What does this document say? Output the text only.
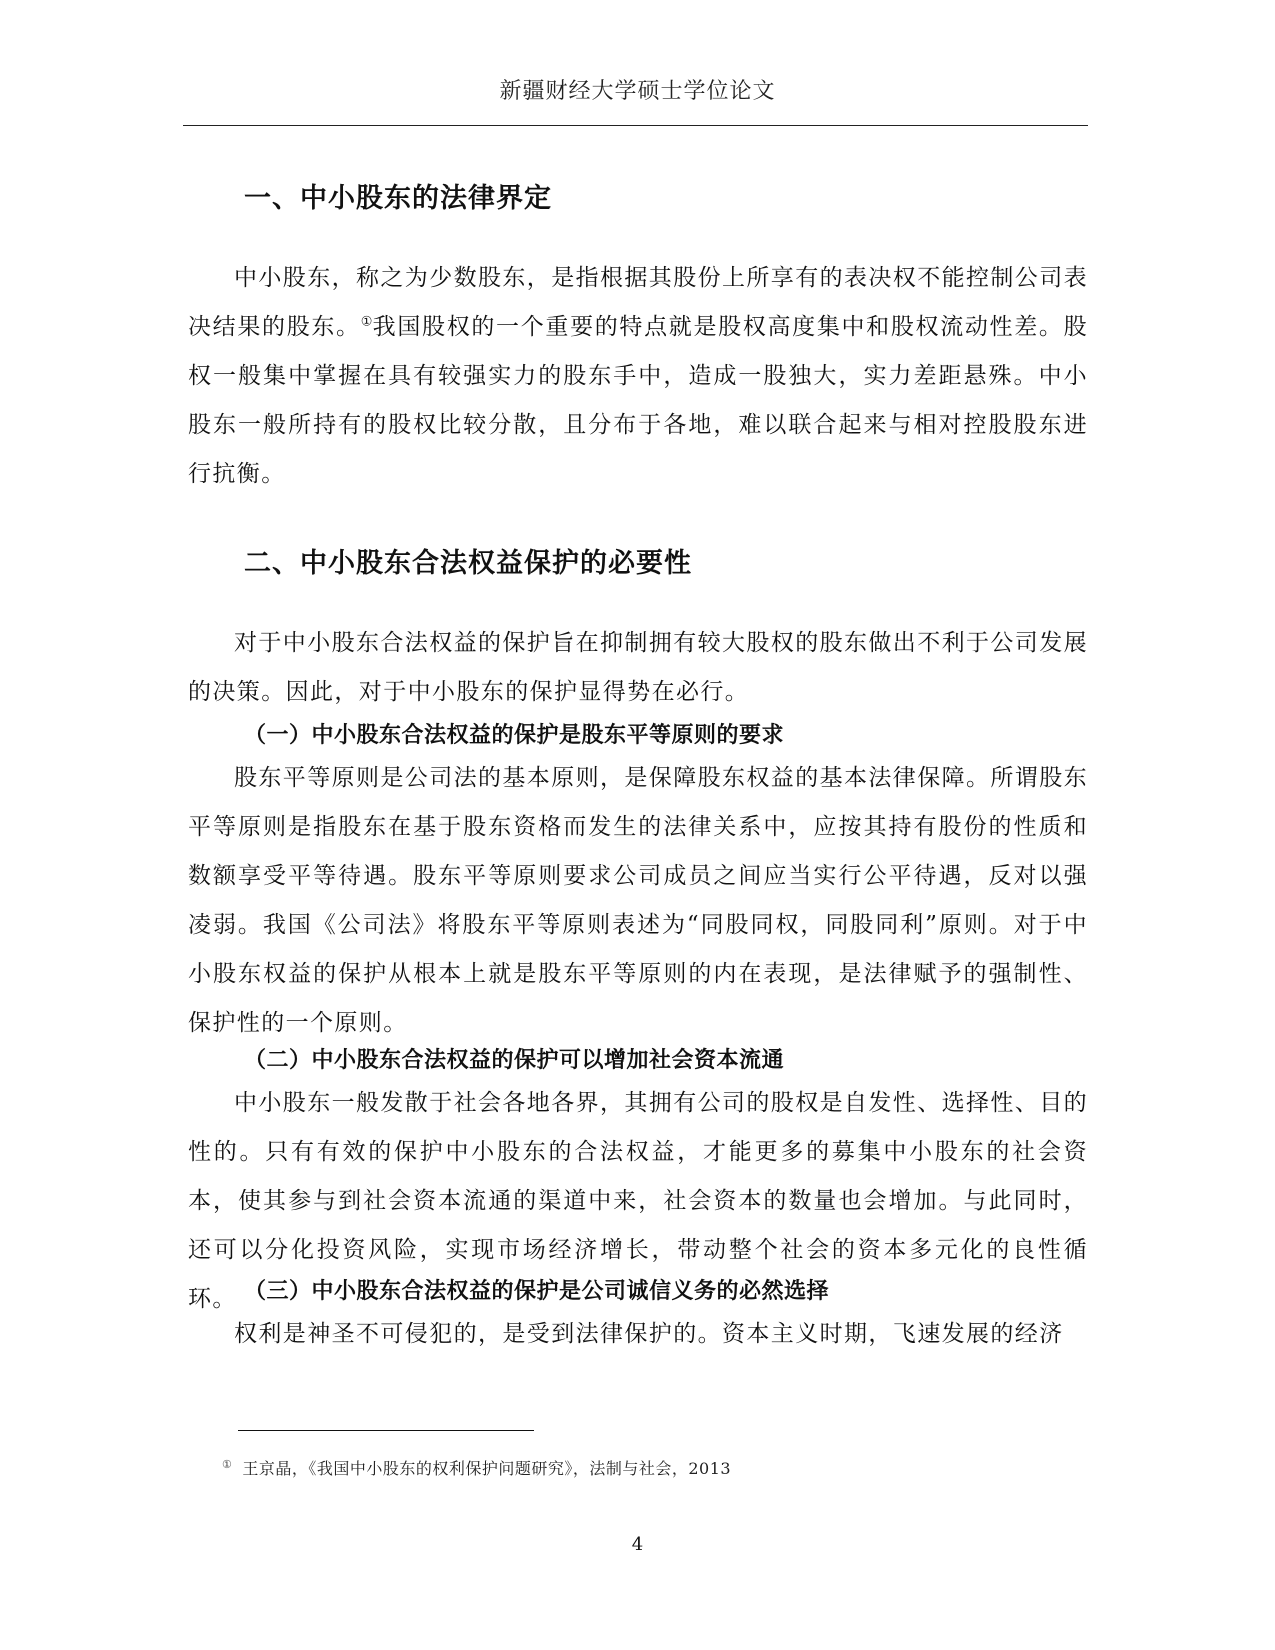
新疆财经大学硕士学位论文
一、中小股东的法律界定

中小股东，称之为少数股东，是指根据其股份上所享有的表决权不能控制公司表决结果的股东。①我国股权的一个重要的特点就是股权高度集中和股权流动性差。股权一般集中掌握在具有较强实力的股东手中，造成一股独大，实力差距悬殊。中小股东一般所持有的股权比较分散，且分布于各地，难以联合起来与相对控股股东进行抗衡。

二、中小股东合法权益保护的必要性

对于中小股东合法权益的保护旨在抑制拥有较大股权的股东做出不利于公司发展的决策。因此，对于中小股东的保护显得势在必行。

（一）中小股东合法权益的保护是股东平等原则的要求

股东平等原则是公司法的基本原则，是保障股东权益的基本法律保障。所谓股东平等原则是指股东在基于股东资格而发生的法律关系中，应按其持有股份的性质和数额享受平等待遇。股东平等原则要求公司成员之间应当实行公平待遇，反对以强凌弱。我国《公司法》将股东平等原则表述为“同股同权，同股同利”原则。对于中小股东权益的保护从根本上就是股东平等原则的内在表现，是法律赋予的强制性、保护性的一个原则。

（二）中小股东合法权益的保护可以增加社会资本流通

中小股东一般发散于社会各地各界，其拥有公司的股权是自发性、选择性、目的性的。只有有效的保护中小股东的合法权益，才能更多的募集中小股东的社会资本，使其参与到社会资本流通的渠道中来，社会资本的数量也会增加。与此同时，还可以分化投资风险，实现市场经济增长，带动整个社会的资本多元化的良性循环。 （三）中小股东合法权益的保护是公司诚信义务的必然选择

权利是神圣不可侵犯的，是受到法律保护的。资本主义时期，飞速发展的经济

① 王京晶，《我国中小股东的权利保护问题研究》，法制与社会，2013
4
